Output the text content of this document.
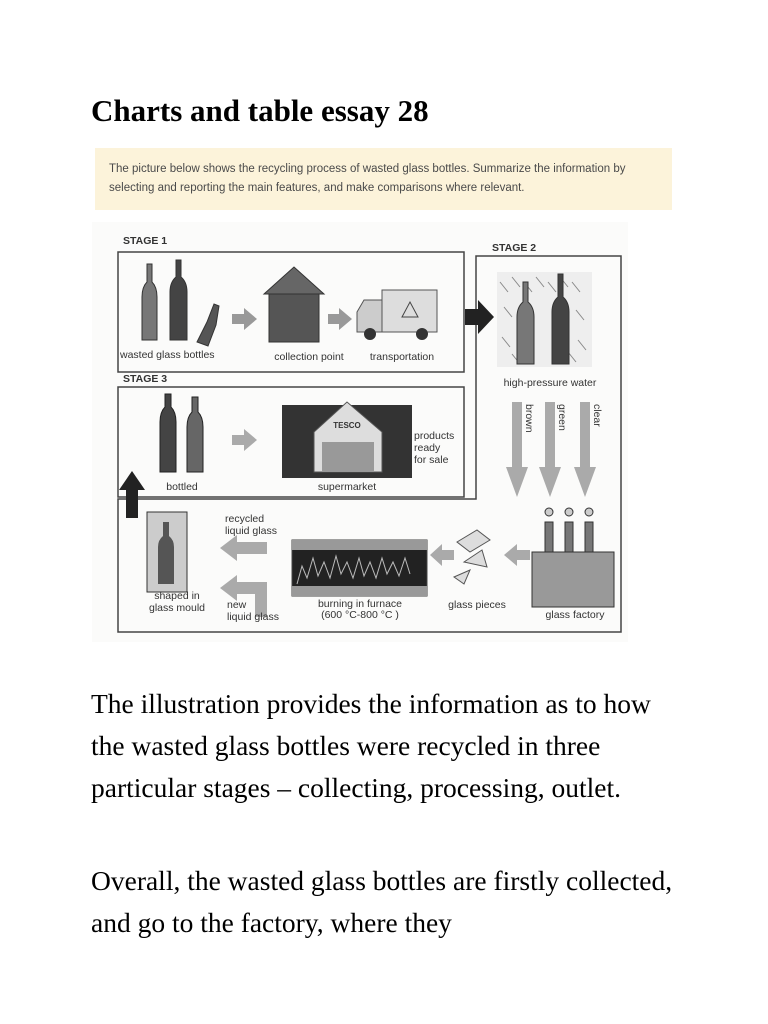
Charts and table essay 28
The picture below shows the recycling process of wasted glass bottles. Summarize the information by selecting and reporting the main features, and make comparisons where relevant.
STAGE 1
STAGE 2
STAGE 3
wasted glass bottles	collection point transportation
high-pressure water
brown green clear
glass factory
glass pieces
burning in furnace
(600 °C-800 °C )
recycled
liquid glass
new
liquid glass
shaped in
glass mould
bottled
TESCO
supermarket
products
ready
for sale

The illustration provides the information as to how the wasted glass bottles were recycled in three particular stages – collecting, processing, outlet.

Overall, the wasted glass bottles are firstly collected, and go to the factory, where they
